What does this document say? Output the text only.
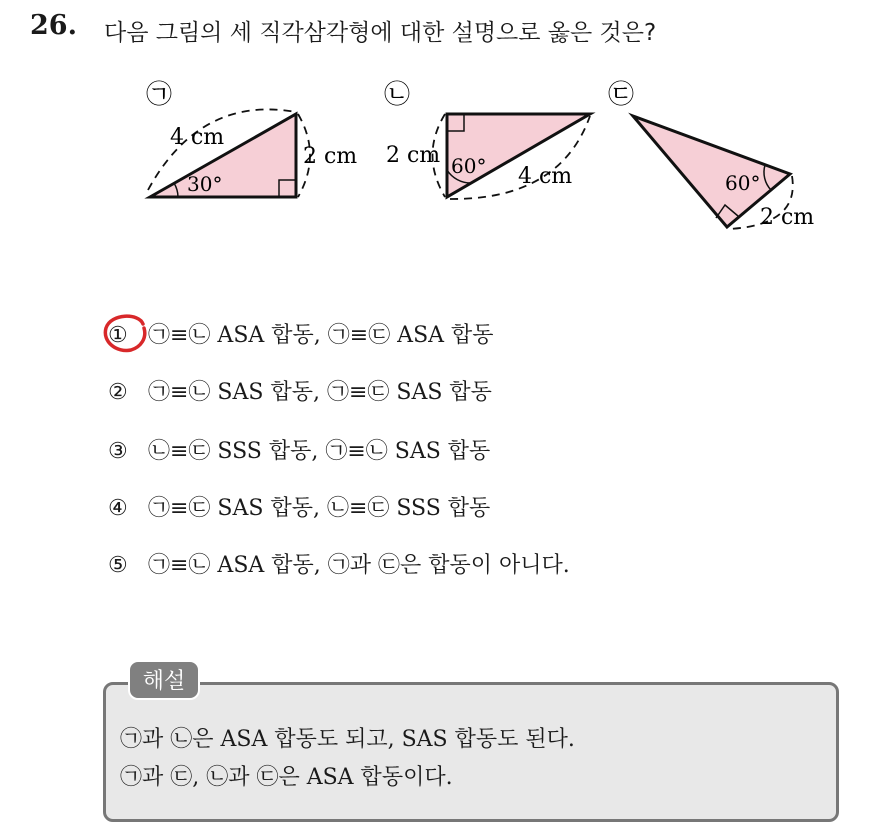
26. 다음 그림의 세 직각삼각형에 대한 설명으로 옳은 것은?
㉠
4 cm
2 cm
30°
㉡
2 cm 60° 4 cm
㉢
60°
2 cm
① ㉠≡㉡ ASA 합동, ㉠≡㉢ ASA 합동
② ㉠≡㉡ SAS 합동, ㉠≡㉢ SAS 합동
③ ㉡≡㉢ SSS 합동, ㉠≡㉡ SAS 합동
④ ㉠≡㉢ SAS 합동, ㉡≡㉢ SSS 합동
⑤ ㉠≡㉡ ASA 합동, ㉠과 ㉢은 합동이 아니다.
해설
㉠과 ㉡은 ASA 합동도 되고, SAS 합동도 된다.
㉠과 ㉢, ㉡과 ㉢은 ASA 합동이다.
